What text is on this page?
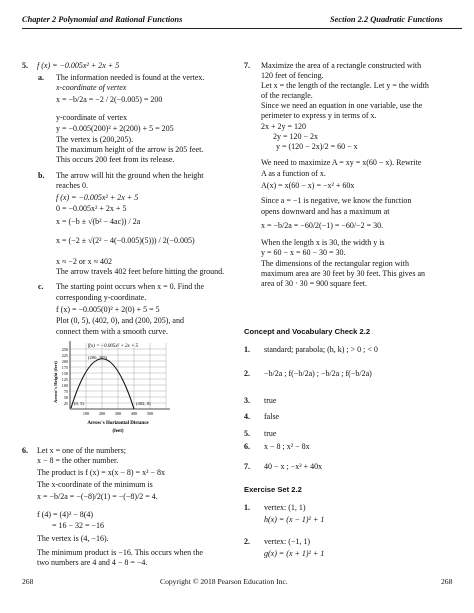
Chapter 2 Polynomial and Rational Functions	Section 2.2 Quadratic Functions
5. f (x) = −0.005x² + 2x + 5
a. The information needed is found at the vertex.
x-coordinate of vertex
x = −b/2a = −2 / 2(−0.005) = 200
y-coordinate of vertex
y = −0.005(200)² + 2(200) + 5 = 205
The vertex is (200,205).
The maximum height of the arrow is 205 feet.
This occurs 200 feet from its release.
b. The arrow will hit the ground when the height
reaches 0.
f (x) = −0.005x² + 2x + 5
0 = −0.005x² + 2x + 5
x = (−b ± √(b² − 4ac)) / 2a
x = (−2 ± √(2² − 4(−0.005)(5))) / 2(−0.005)
x ≈ −2 or x ≈ 402
The arrow travels 402 feet before hitting the ground.
c. The starting point occurs when x = 0. Find the
corresponding y-coordinate.
f (x) = −0.005(0)² + 2(0) + 5 = 5
Plot (0, 5), (402, 0), and (200, 205), and
connect them with a smooth curve.
250
225
200
175
150
125
100
75
50
25
100 200 300 400 500
f(x) = −0.005x² + 2x + 5
(200, 205)
(0, 5)	(402, 0)
Arrow's Height (feet)
Arrow's Horizontal Distance
(feet)
6. Let x = one of the numbers;
x − 8 = the other number.
The product is f (x) = x(x − 8) = x² − 8x
The x-coordinate of the minimum is
x = −b/2a = −(−8)/2(1) = −(−8)/2 = 4.
f (4) = (4)² − 8(4)
= 16 − 32 = −16
The vertex is (4, −16).
The minimum product is −16. This occurs when the
two numbers are 4 and 4 − 8 = −4.
7. Maximize the area of a rectangle constructed with
120 feet of fencing.
Let x = the length of the rectangle. Let y = the width
of the rectangle.
Since we need an equation in one variable, use the
perimeter to express y in terms of x.
2x + 2y = 120
2y = 120 − 2x
y = (120 − 2x)/2 = 60 − x
We need to maximize A = xy = x(60 − x). Rewrite
A as a function of x.
A(x) = x(60 − x) = −x² + 60x
Since a = −1 is negative, we know the function
opens downward and has a maximum at
x = −b/2a = −60/2(−1) = −60/−2 = 30.
When the length x is 30, the width y is
y = 60 − x = 60 − 30 = 30.
The dimensions of the rectangular region with
maximum area are 30 feet by 30 feet. This gives an
area of 30 · 30 = 900 square feet.
Concept and Vocabulary Check 2.2
1. standard; parabola; (h, k) ; > 0 ; < 0
2. −b/2a ; f(−b/2a) ; −b/2a ; f(−b/2a)
3. true
4. false
5. true
6. x − 8 ; x² − 8x
7. 40 − x ; −x² + 40x
Exercise Set 2.2
1. vertex: (1, 1)
h(x) = (x − 1)² + 1
2. vertex: (−1, 1)
g(x) = (x + 1)² + 1
268	Copyright © 2018 Pearson Education Inc.	268
